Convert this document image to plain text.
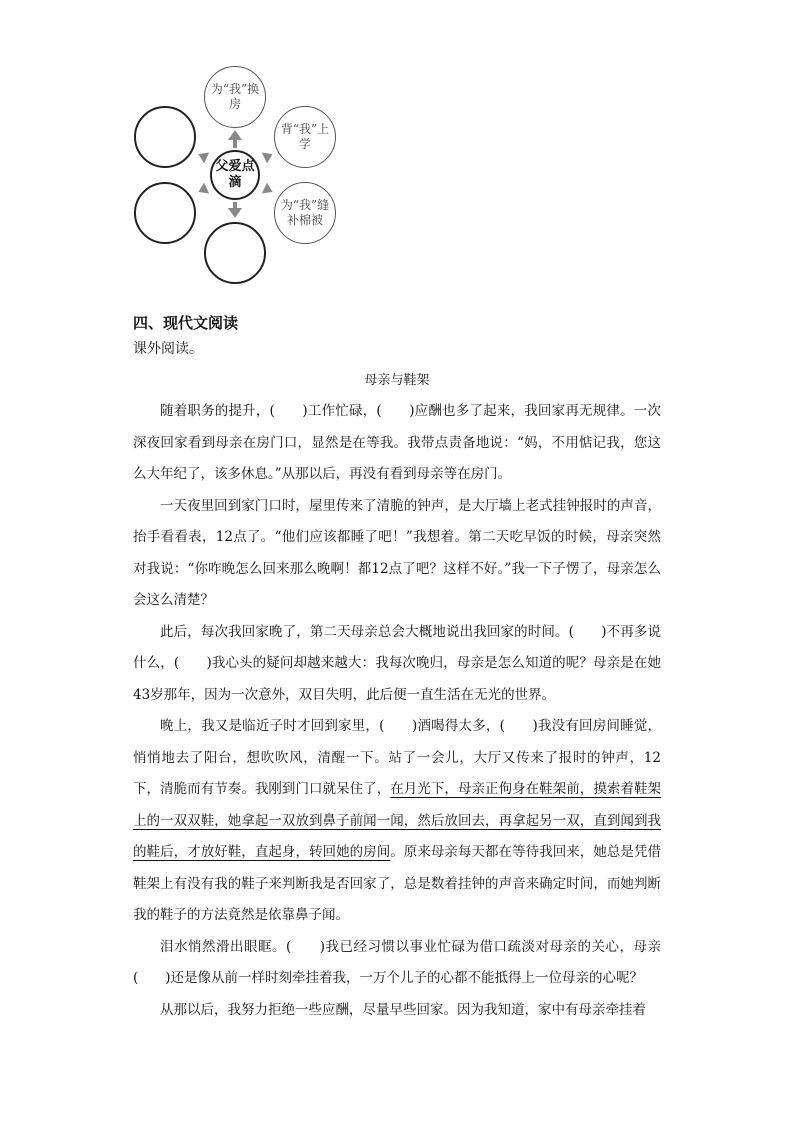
为“我”换房
背“我”上学
为“我”缝补棉被
父爱点滴
四、现代文阅读
课外阅读。
母亲与鞋架

随着职务的提升，(　　)工作忙碌，(　　)应酬也多了起来，我回家再无规律。一次深夜回家看到母亲在房门口，显然是在等我。我带点责备地说：“妈，不用惦记我，您这么大年纪了，该多休息。”从那以后，再没有看到母亲等在房门。

一天夜里回到家门口时，屋里传来了清脆的钟声，是大厅墙上老式挂钟报时的声音，抬手看看表，12点了。“他们应该都睡了吧！”我想着。第二天吃早饭的时候，母亲突然对我说：“你咋晚怎么回来那么晚啊！都12点了吧？这样不好。”我一下子愣了，母亲怎么会这么清楚？

此后，每次我回家晚了，第二天母亲总会大概地说出我回家的时间。(　　)不再多说什么，(　　)我心头的疑问却越来越大：我每次晚归，母亲是怎么知道的呢？母亲是在她43岁那年，因为一次意外，双目失明，此后便一直生活在无光的世界。

晚上，我又是临近子时才回到家里，(　　)酒喝得太多，(　　)我没有回房间睡觉，悄悄地去了阳台，想吹吹风，清醒一下。站了一会儿，大厅又传来了报时的钟声，12下，清脆而有节奏。我刚到门口就呆住了，在月光下，母亲正佝身在鞋架前，摸索着鞋架上的一双双鞋，她拿起一双放到鼻子前闻一闻，然后放回去，再拿起另一双，直到闻到我的鞋后，才放好鞋，直起身，转回她的房间。原来母亲每天都在等待我回来，她总是凭借鞋架上有没有我的鞋子来判断我是否回家了，总是数着挂钟的声音来确定时间，而她判断我的鞋子的方法竟然是依靠鼻子闻。

泪水悄然滑出眼眶。(　　)我已经习惯以事业忙碌为借口疏淡对母亲的关心，母亲(　　)还是像从前一样时刻牵挂着我，一万个儿子的心都不能抵得上一位母亲的心呢？

从那以后，我努力拒绝一些应酬，尽量早些回家。因为我知道，家中有母亲牵挂着
